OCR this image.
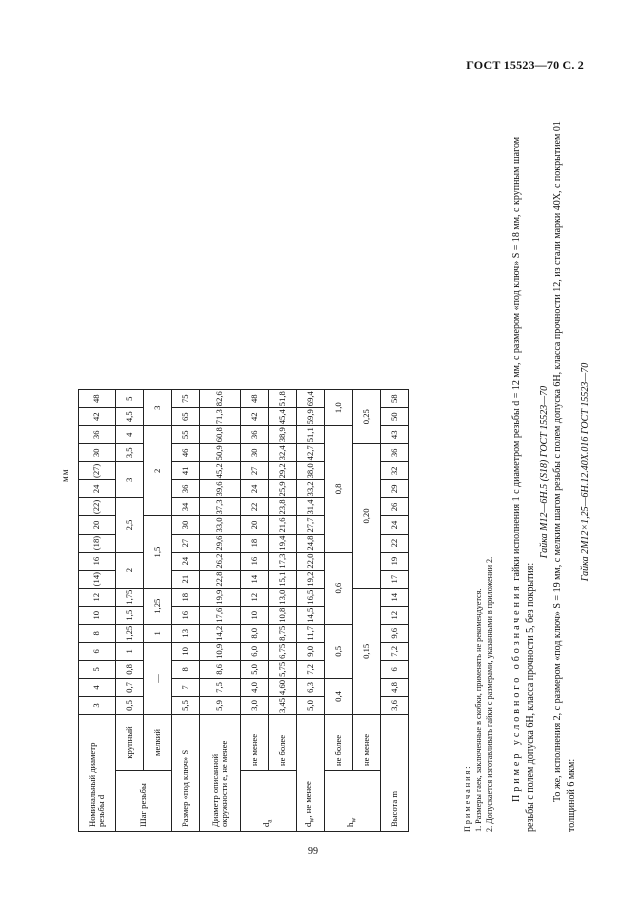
ГОСТ 15523—70 С. 2
мм
Номинальный диаметр резьбы d		3	4	5	6	8	10	12	(14)	16	(18)	20	(22)	24	(27)	30	36	42	48
Шаг резьбы	крупный	0,5	0,7	0,8	1	1,25	1,5	1,75	2		2,5			3		3,5	4	4,5	5
	мелкий	—				1	1,25		1,5				2					3	
Размер «под ключ» S		5,5	7	8	10	13	16	18	21	24	27	30	34	36	41	46	55	65	75
Диаметр описанной окружности e, не менее		5,9	7,5	8,6	10,9	14,2	17,6	19,9	22,8	26,2	29,6	33,0	37,3	39,6	45,2	50,9	60,8	71,3	82,6
$d_a$	не менее	3,0	4,0	5,0	6,0	8,0	10	12	14	16	18	20	22	24	27	30	36	42	48
	не более	3,45	4,60	5,75	6,75	8,75	10,8	13,0	15,1	17,3	19,4	21,6	23,8	25,9	29,2	32,4	38,9	45,4	51,8
$d_w$, не менее		5,0	6,3	7,2	9,0	11,7	14,5	16,5	19,2	22,0	24,8	27,7	31,4	33,2	38,0	42,7	51,1	59,9	69,4
$h_w$	не более	0,4		0,5			0,6				0,8							1,0	
	не менее	0,15							0,20								0,25		
Высота m		3,6	4,8	6	7,2	9,6	12	14	17	19	22	24	26	29	32	36	43	50	58
Примечания: 1. Размеры гаек, заключенные в скобки, применять не рекомендуется. 2. Допускается изготавливать гайки с размерами, указанными в приложении 2. Пример условного обозначения гайки исполнения 1 с диаметром резьбы d = 12 мм, с размером «под ключ» S = 18 мм, с крупным шагом резьбы с полем допуска 6H, класса прочности 5, без покрытия:
Гайка М12—6H.5 (S18) ГОСТ 15523—70 То же, исполнения 2, с размером «под ключ» S = 19 мм, с мелким шагом резьбы с полем допуска 6H, класса прочности 12, из стали марки 40Х, с покрытием 01 толщиной 6 мкм:
Гайка 2М12×1,25—6H.12.40Х.016 ГОСТ 15523—70
99
